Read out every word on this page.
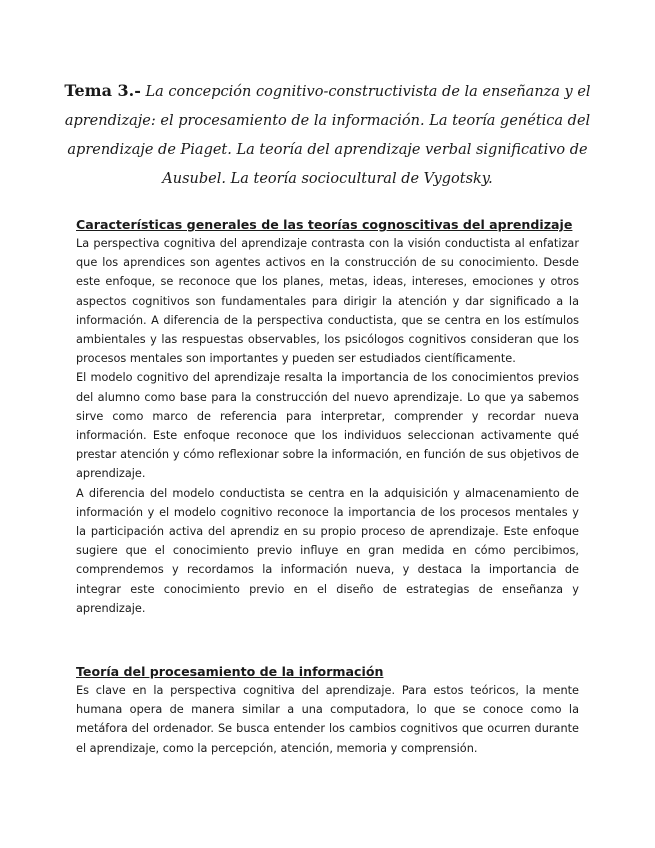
Tema 3.- La concepción cognitivo-constructivista de la enseñanza y el aprendizaje: el procesamiento de la información. La teoría genética del aprendizaje de Piaget. La teoría del aprendizaje verbal significativo de Ausubel. La teoría sociocultural de Vygotsky.
Características generales de las teorías cognoscitivas del aprendizaje

La perspectiva cognitiva del aprendizaje contrasta con la visión conductista al enfatizar que los aprendices son agentes activos en la construcción de su conocimiento. Desde este enfoque, se reconoce que los planes, metas, ideas, intereses, emociones y otros aspectos cognitivos son fundamentales para dirigir la atención y dar significado a la información. A diferencia de la perspectiva conductista, que se centra en los estímulos ambientales y las respuestas observables, los psicólogos cognitivos consideran que los procesos mentales son importantes y pueden ser estudiados científicamente.

El modelo cognitivo del aprendizaje resalta la importancia de los conocimientos previos del alumno como base para la construcción del nuevo aprendizaje. Lo que ya sabemos sirve como marco de referencia para interpretar, comprender y recordar nueva información. Este enfoque reconoce que los individuos seleccionan activamente qué prestar atención y cómo reflexionar sobre la información, en función de sus objetivos de aprendizaje.

A diferencia del modelo conductista se centra en la adquisición y almacenamiento de información y el modelo cognitivo reconoce la importancia de los procesos mentales y la participación activa del aprendiz en su propio proceso de aprendizaje. Este enfoque sugiere que el conocimiento previo influye en gran medida en cómo percibimos, comprendemos y recordamos la información nueva, y destaca la importancia de integrar este conocimiento previo en el diseño de estrategias de enseñanza y aprendizaje.

Teoría del procesamiento de la información

Es clave en la perspectiva cognitiva del aprendizaje. Para estos teóricos, la mente humana opera de manera similar a una computadora, lo que se conoce como la metáfora del ordenador. Se busca entender los cambios cognitivos que ocurren durante el aprendizaje, como la percepción, atención, memoria y comprensión.
